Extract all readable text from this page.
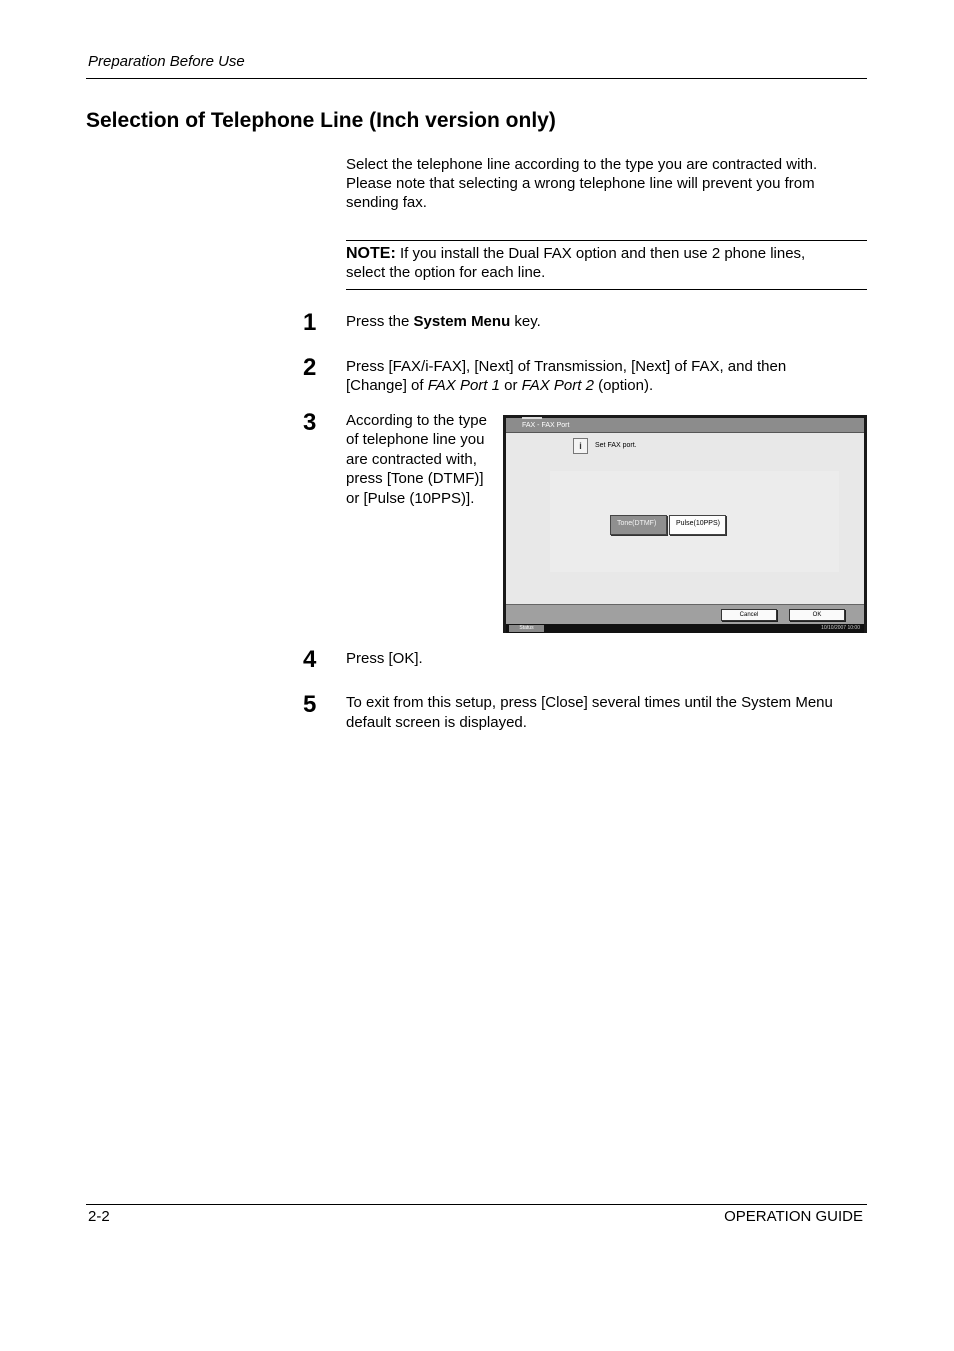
Preparation Before Use
Selection of Telephone Line (Inch version only)
Select the telephone line according to the type you are contracted with.
Please note that selecting a wrong telephone line will prevent you from
sending fax.
NOTE: If you install the Dual FAX option and then use 2 phone lines,
select the option for each line.
1 Press the System Menu key.
2 Press [FAX/i-FAX], [Next] of Transmission, [Next] of FAX, and then
[Change] of FAX Port 1 or FAX Port 2 (option).
3 According to the type
of telephone line you
are contracted with,
press [Tone (DTMF)]
or [Pulse (10PPS)].
FAX - FAX Port
i	Set FAX port.
Tone(DTMF)	Pulse(10PPS)
Cancel	OK
Status	10/10/2007 10:00
4 Press [OK].
5 To exit from this setup, press [Close] several times until the System Menu
default screen is displayed.
2-2	OPERATION GUIDE
